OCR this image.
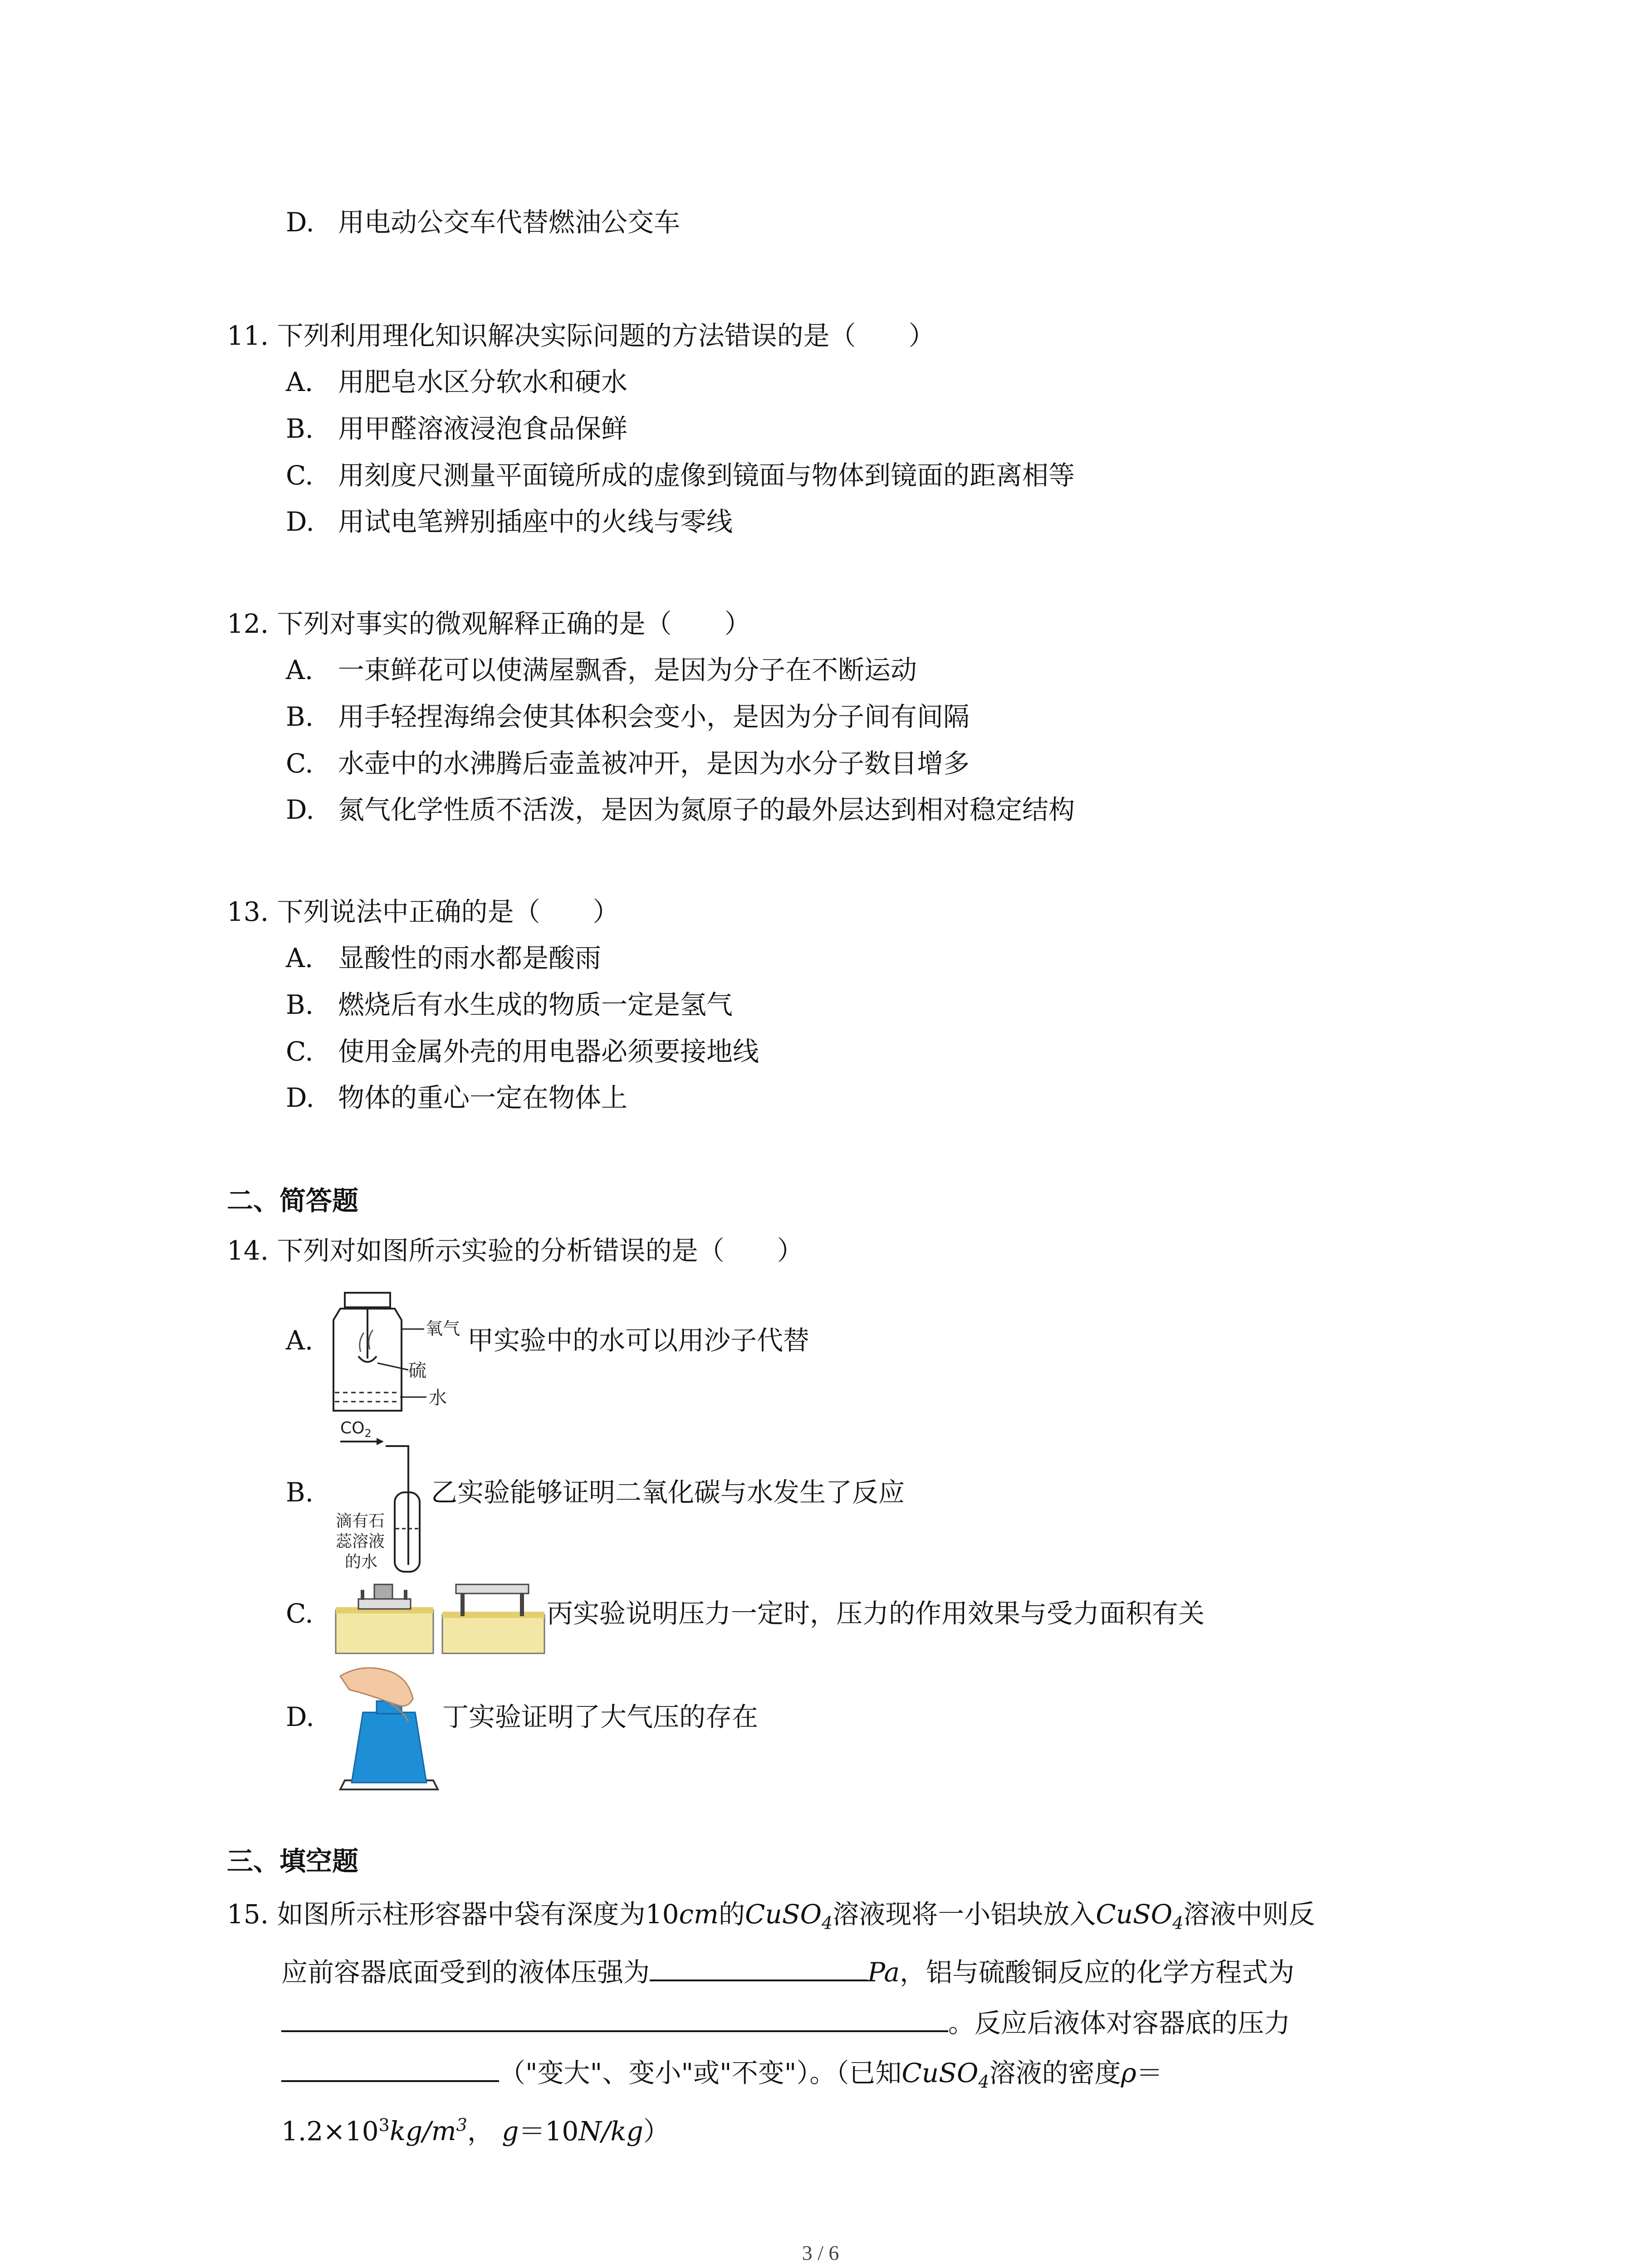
D. 用电动公交车代替燃油公交车
11. 下列利用理化知识解决实际问题的方法错误的是（　　）
A. 用肥皂水区分软水和硬水
B. 用甲醛溶液浸泡食品保鲜
C. 用刻度尺测量平面镜所成的虚像到镜面与物体到镜面的距离相等
D. 用试电笔辨别插座中的火线与零线
12. 下列对事实的微观解释正确的是（　　）
A. 一束鲜花可以使满屋飘香，是因为分子在不断运动
B. 用手轻捏海绵会使其体积会变小，是因为分子间有间隔
C. 水壶中的水沸腾后壶盖被冲开，是因为水分子数目增多
D. 氮气化学性质不活泼，是因为氮原子的最外层达到相对稳定结构
13. 下列说法中正确的是（　　）
A. 显酸性的雨水都是酸雨
B. 燃烧后有水生成的物质一定是氢气
C. 使用金属外壳的用电器必须要接地线
D. 物体的重心一定在物体上
二、简答题
14. 下列对如图所示实验的分析错误的是（　　）
A.	氧气
硫
水
甲实验中的水可以用沙子代替
B.
$CO_2$
滴有石
蕊溶液
的水
乙实验能够证明二氧化碳与水发生了反应
C.	丙实验说明压力一定时，压力的作用效果与受力面积有关
D.	丁实验证明了大气压的存在
三、填空题
15. 如图所示柱形容器中袋有深度为10cm的CuSO$_4$溶液现将一小铝块放入CuSO$_4$溶液中则反
应前容器底面受到的液体压强为	Pa，铝与硫酸铜反应的化学方程式为
。反应后液体对容器底的压力
（"变大"、变小"或"不变"）。（已知CuSO$_4$溶液的密度ρ＝
$1.2\times 10^3kg/m^3$， g＝10N/kg）
3 / 6
